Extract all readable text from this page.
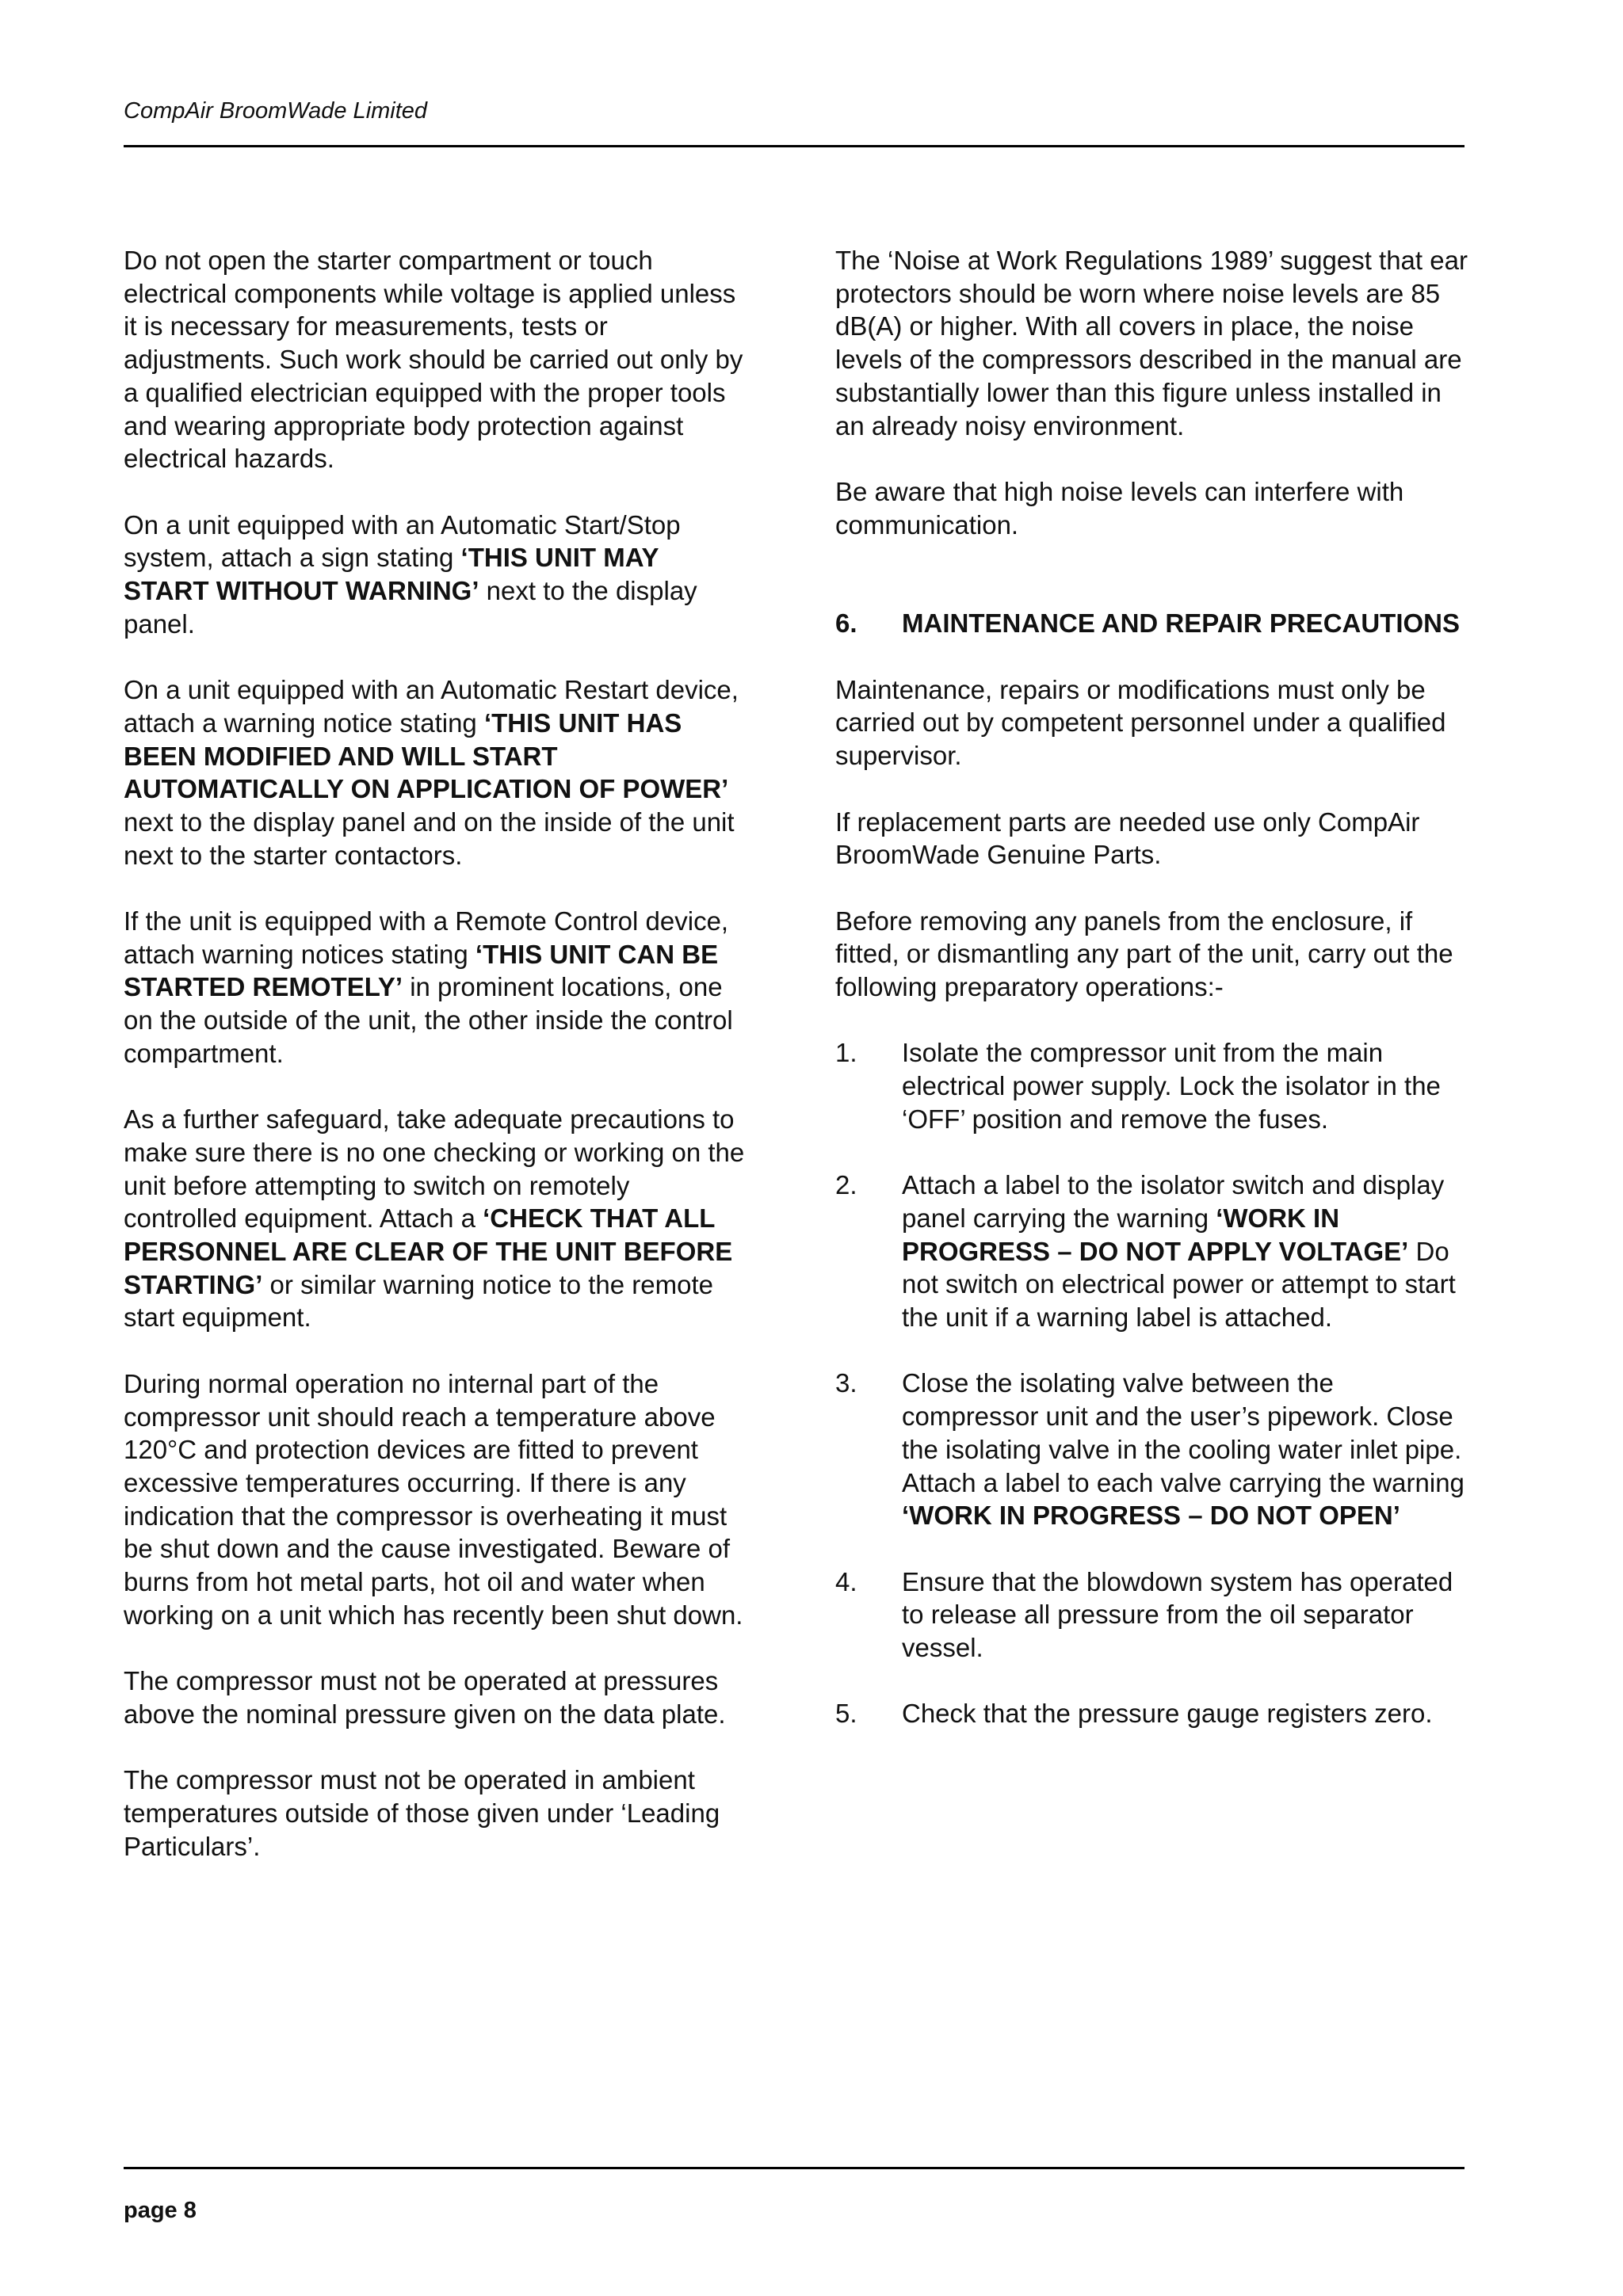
CompAir BroomWade Limited

Do not open the starter compartment or touch electrical components while voltage is applied unless it is necessary for measurements, tests or adjustments. Such work should be carried out only by a qualified electrician equipped with the proper tools and wearing appropriate body protection against electrical hazards.

On a unit equipped with an Automatic Start/Stop system, attach a sign stating ‘THIS UNIT MAY START WITHOUT WARNING’ next to the display panel.

On a unit equipped with an Automatic Restart device, attach a warning notice stating ‘THIS UNIT HAS BEEN MODIFIED AND WILL START AUTOMATICALLY ON APPLICATION OF POWER’ next to the display panel and on the inside of the unit next to the starter contactors.

If the unit is equipped with a Remote Control device, attach warning notices stating ‘THIS UNIT CAN BE STARTED REMOTELY’ in prominent locations, one on the outside of the unit, the other inside the control compartment.

As a further safeguard, take adequate precautions to make sure there is no one checking or working on the unit before attempting to switch on remotely controlled equipment. Attach a ‘CHECK THAT ALL PERSONNEL ARE CLEAR OF THE UNIT BEFORE STARTING’ or similar warning notice to the remote start equipment.

During normal operation no internal part of the compressor unit should reach a temperature above 120°C and protection devices are fitted to prevent excessive temperatures occurring. If there is any indication that the compressor is overheating it must be shut down and the cause investigated. Beware of burns from hot metal parts, hot oil and water when working on a unit which has recently been shut down.

The compressor must not be operated at pressures above the nominal pressure given on the data plate.

The compressor must not be operated in ambient temperatures outside of those given under ‘Leading Particulars’.

The ‘Noise at Work Regulations 1989’ suggest that ear protectors should be worn where noise levels are 85 dB(A) or higher. With all covers in place, the noise levels of the compressors described in the manual are substantially lower than this figure unless installed in an already noisy environment.

Be aware that high noise levels can interfere with communication.

6.	MAINTENANCE AND REPAIR PRECAUTIONS

Maintenance, repairs or modifications must only be carried out by competent personnel under a qualified supervisor.

If replacement parts are needed use only CompAir BroomWade Genuine Parts.

Before removing any panels from the enclosure, if fitted, or dismantling any part of the unit, carry out the following preparatory operations:-

1.	Isolate the compressor unit from the main electrical power supply. Lock the isolator in the ‘OFF’ position and remove the fuses.
2.	Attach a label to the isolator switch and display panel carrying the warning ‘WORK IN PROGRESS – DO NOT APPLY VOLTAGE’ Do not switch on electrical power or attempt to start the unit if a warning label is attached.
3.	Close the isolating valve between the compressor unit and the user’s pipework. Close the isolating valve in the cooling water inlet pipe. Attach a label to each valve carrying the warning ‘WORK IN PROGRESS – DO NOT OPEN’
4.	Ensure that the blowdown system has operated to release all pressure from the oil separator vessel.
5.	Check that the pressure gauge registers zero.
page 8
